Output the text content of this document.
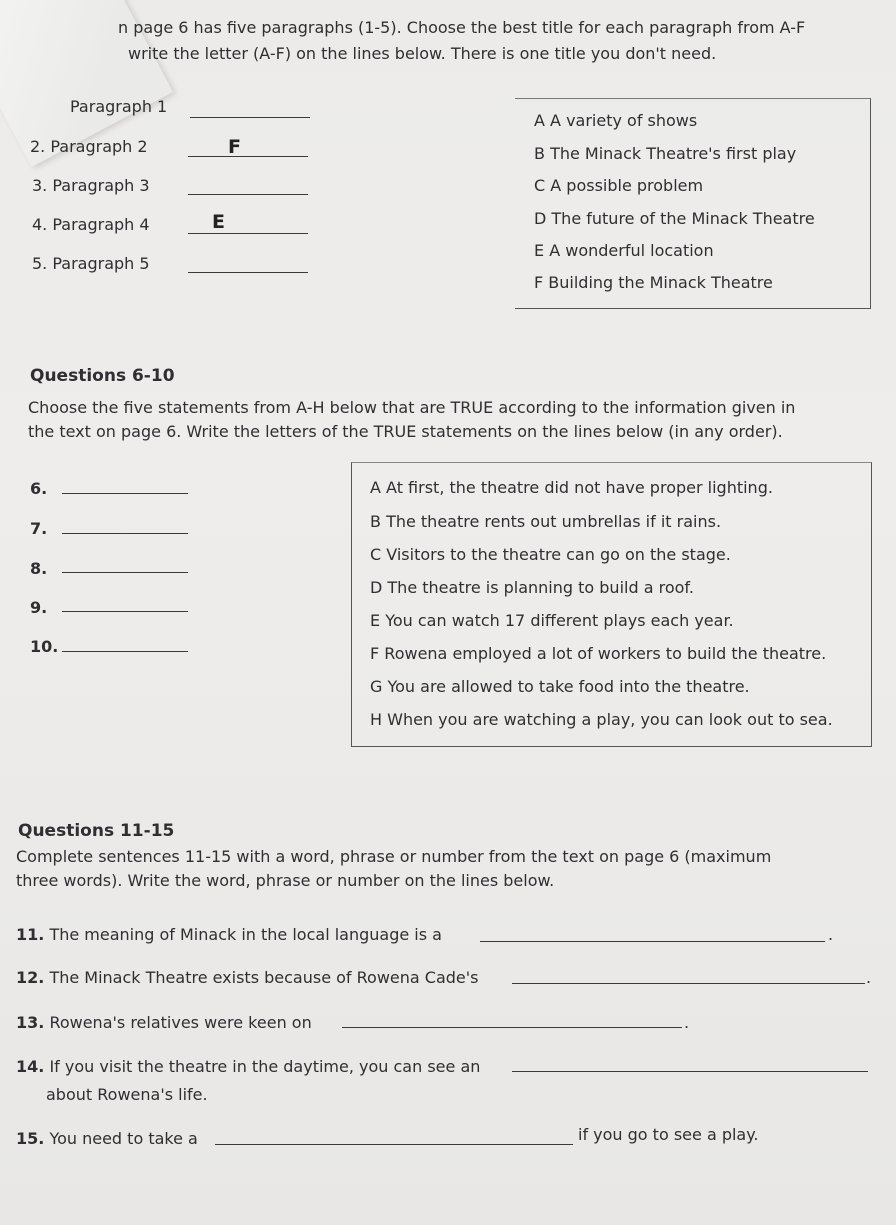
n page 6 has five paragraphs (1-5). Choose the best title for each paragraph from A-F
write the letter (A-F) on the lines below. There is one title you don't need.
Paragraph 1
2. Paragraph 2	F
3. Paragraph 3
4. Paragraph 4	E
5. Paragraph 5
A A variety of shows
B The Minack Theatre's first play
C A possible problem
D The future of the Minack Theatre
E A wonderful location
F Building the Minack Theatre
Questions 6-10
Choose the five statements from A-H below that are TRUE according to the information given in
the text on page 6. Write the letters of the TRUE statements on the lines below (in any order).
6.
7.
8.
9.
10.
A At first, the theatre did not have proper lighting.
B The theatre rents out umbrellas if it rains.
C Visitors to the theatre can go on the stage.
D The theatre is planning to build a roof.
E You can watch 17 different plays each year.
F Rowena employed a lot of workers to build the theatre.
G You are allowed to take food into the theatre.
H When you are watching a play, you can look out to sea.
Questions 11-15
Complete sentences 11-15 with a word, phrase or number from the text on page 6 (maximum
three words). Write the word, phrase or number on the lines below.
11. The meaning of Minack in the local language is a	.
12. The Minack Theatre exists because of Rowena Cade's	.
13. Rowena's relatives were keen on	.
14. If you visit the theatre in the daytime, you can see an
about Rowena's life.
15. You need to take a	if you go to see a play.
